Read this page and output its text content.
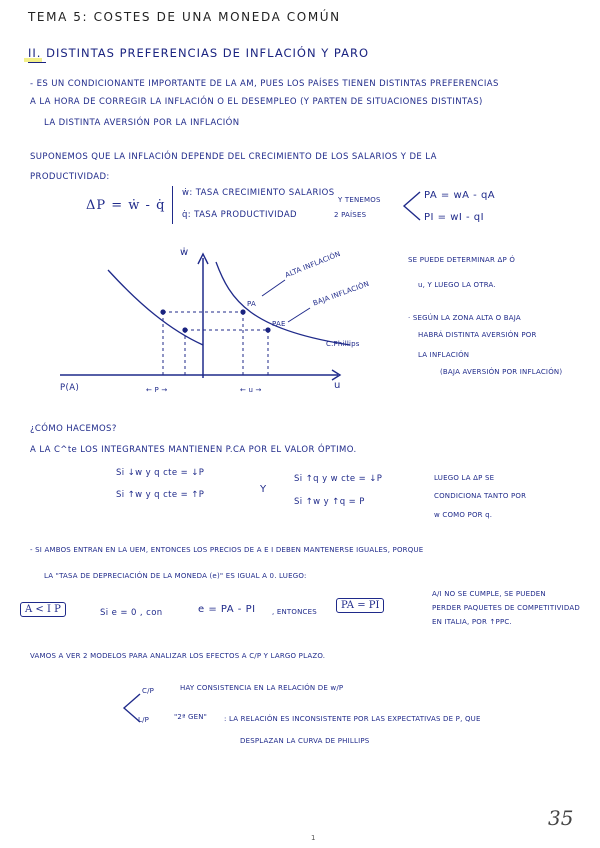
TEMA 5: COSTES DE UNA MONEDA COMÚN
II. DISTINTAS PREFERENCIAS DE INFLACIÓN Y PARO
- ES UN CONDICIONANTE IMPORTANTE DE LA AM, PUES LOS PAÍSES TIENEN DISTINTAS PREFERENCIAS
A LA HORA DE CORREGIR LA INFLACIÓN O EL DESEMPLEO (Y PARTEN DE SITUACIONES DISTINTAS)
LA DISTINTA AVERSIÓN POR LA INFLACIÓN
SUPONEMOS QUE LA INFLACIÓN DEPENDE DEL CRECIMIENTO DE LOS SALARIOS Y DE LA
PRODUCTIVIDAD:
ΔP = ẇ - q̇
ẇ: TASA CRECIMIENTO SALARIOS
q̇: TASA PRODUCTIVIDAD
Y TENEMOS
2 PAÍSES
PA = wA - qA
PI = wI - qI
ẇ
u
P(A)	← P →	← u →
ALTA INFLACIÓN
BAJA INFLACIÓN
C.Phillips
PA
PAE
SE PUEDE DETERMINAR ΔP Ó
u, Y LUEGO LA OTRA.
· SEGÚN LA ZONA ALTA O BAJA
HABRÁ DISTINTA AVERSIÓN POR
LA INFLACIÓN
(BAJA AVERSIÓN POR INFLACIÓN)
¿CÓMO HACEMOS?
A LA C^te LOS INTEGRANTES MANTIENEN P.CA POR EL VALOR ÓPTIMO.
Si ↓w y q cte = ↓P
Si ↑w y q cte = ↑P	Y
Si ↑q y w cte = ↓P
Si ↑w y ↑q = P
LUEGO LA ΔP SE
CONDICIONA TANTO POR
w COMO POR q.
- SI AMBOS ENTRAN EN LA UEM, ENTONCES LOS PRECIOS DE A E I DEBEN MANTENERSE IGUALES, PORQUE
LA "TASA DE DEPRECIACIÓN DE LA MONEDA (e)" ES IGUAL A 0. LUEGO:
A < I P	Si e = 0 , con	e = PA - PI , ENTONCES
PA = PI
A/I NO SE CUMPLE, SE PUEDEN
PERDER PAQUETES DE COMPETITIVIDAD
EN ITALIA, POR ↑PPC.
VAMOS A VER 2 MODELOS PARA ANALIZAR LOS EFECTOS A C/P Y LARGO PLAZO.
C/P	HAY CONSISTENCIA EN LA RELACIÓN DE w/P
L/P	"2ª GEN" : LA RELACIÓN ES INCONSISTENTE POR LAS EXPECTATIVAS DE P, QUE
DESPLAZAN LA CURVA DE PHILLIPS
35
1
